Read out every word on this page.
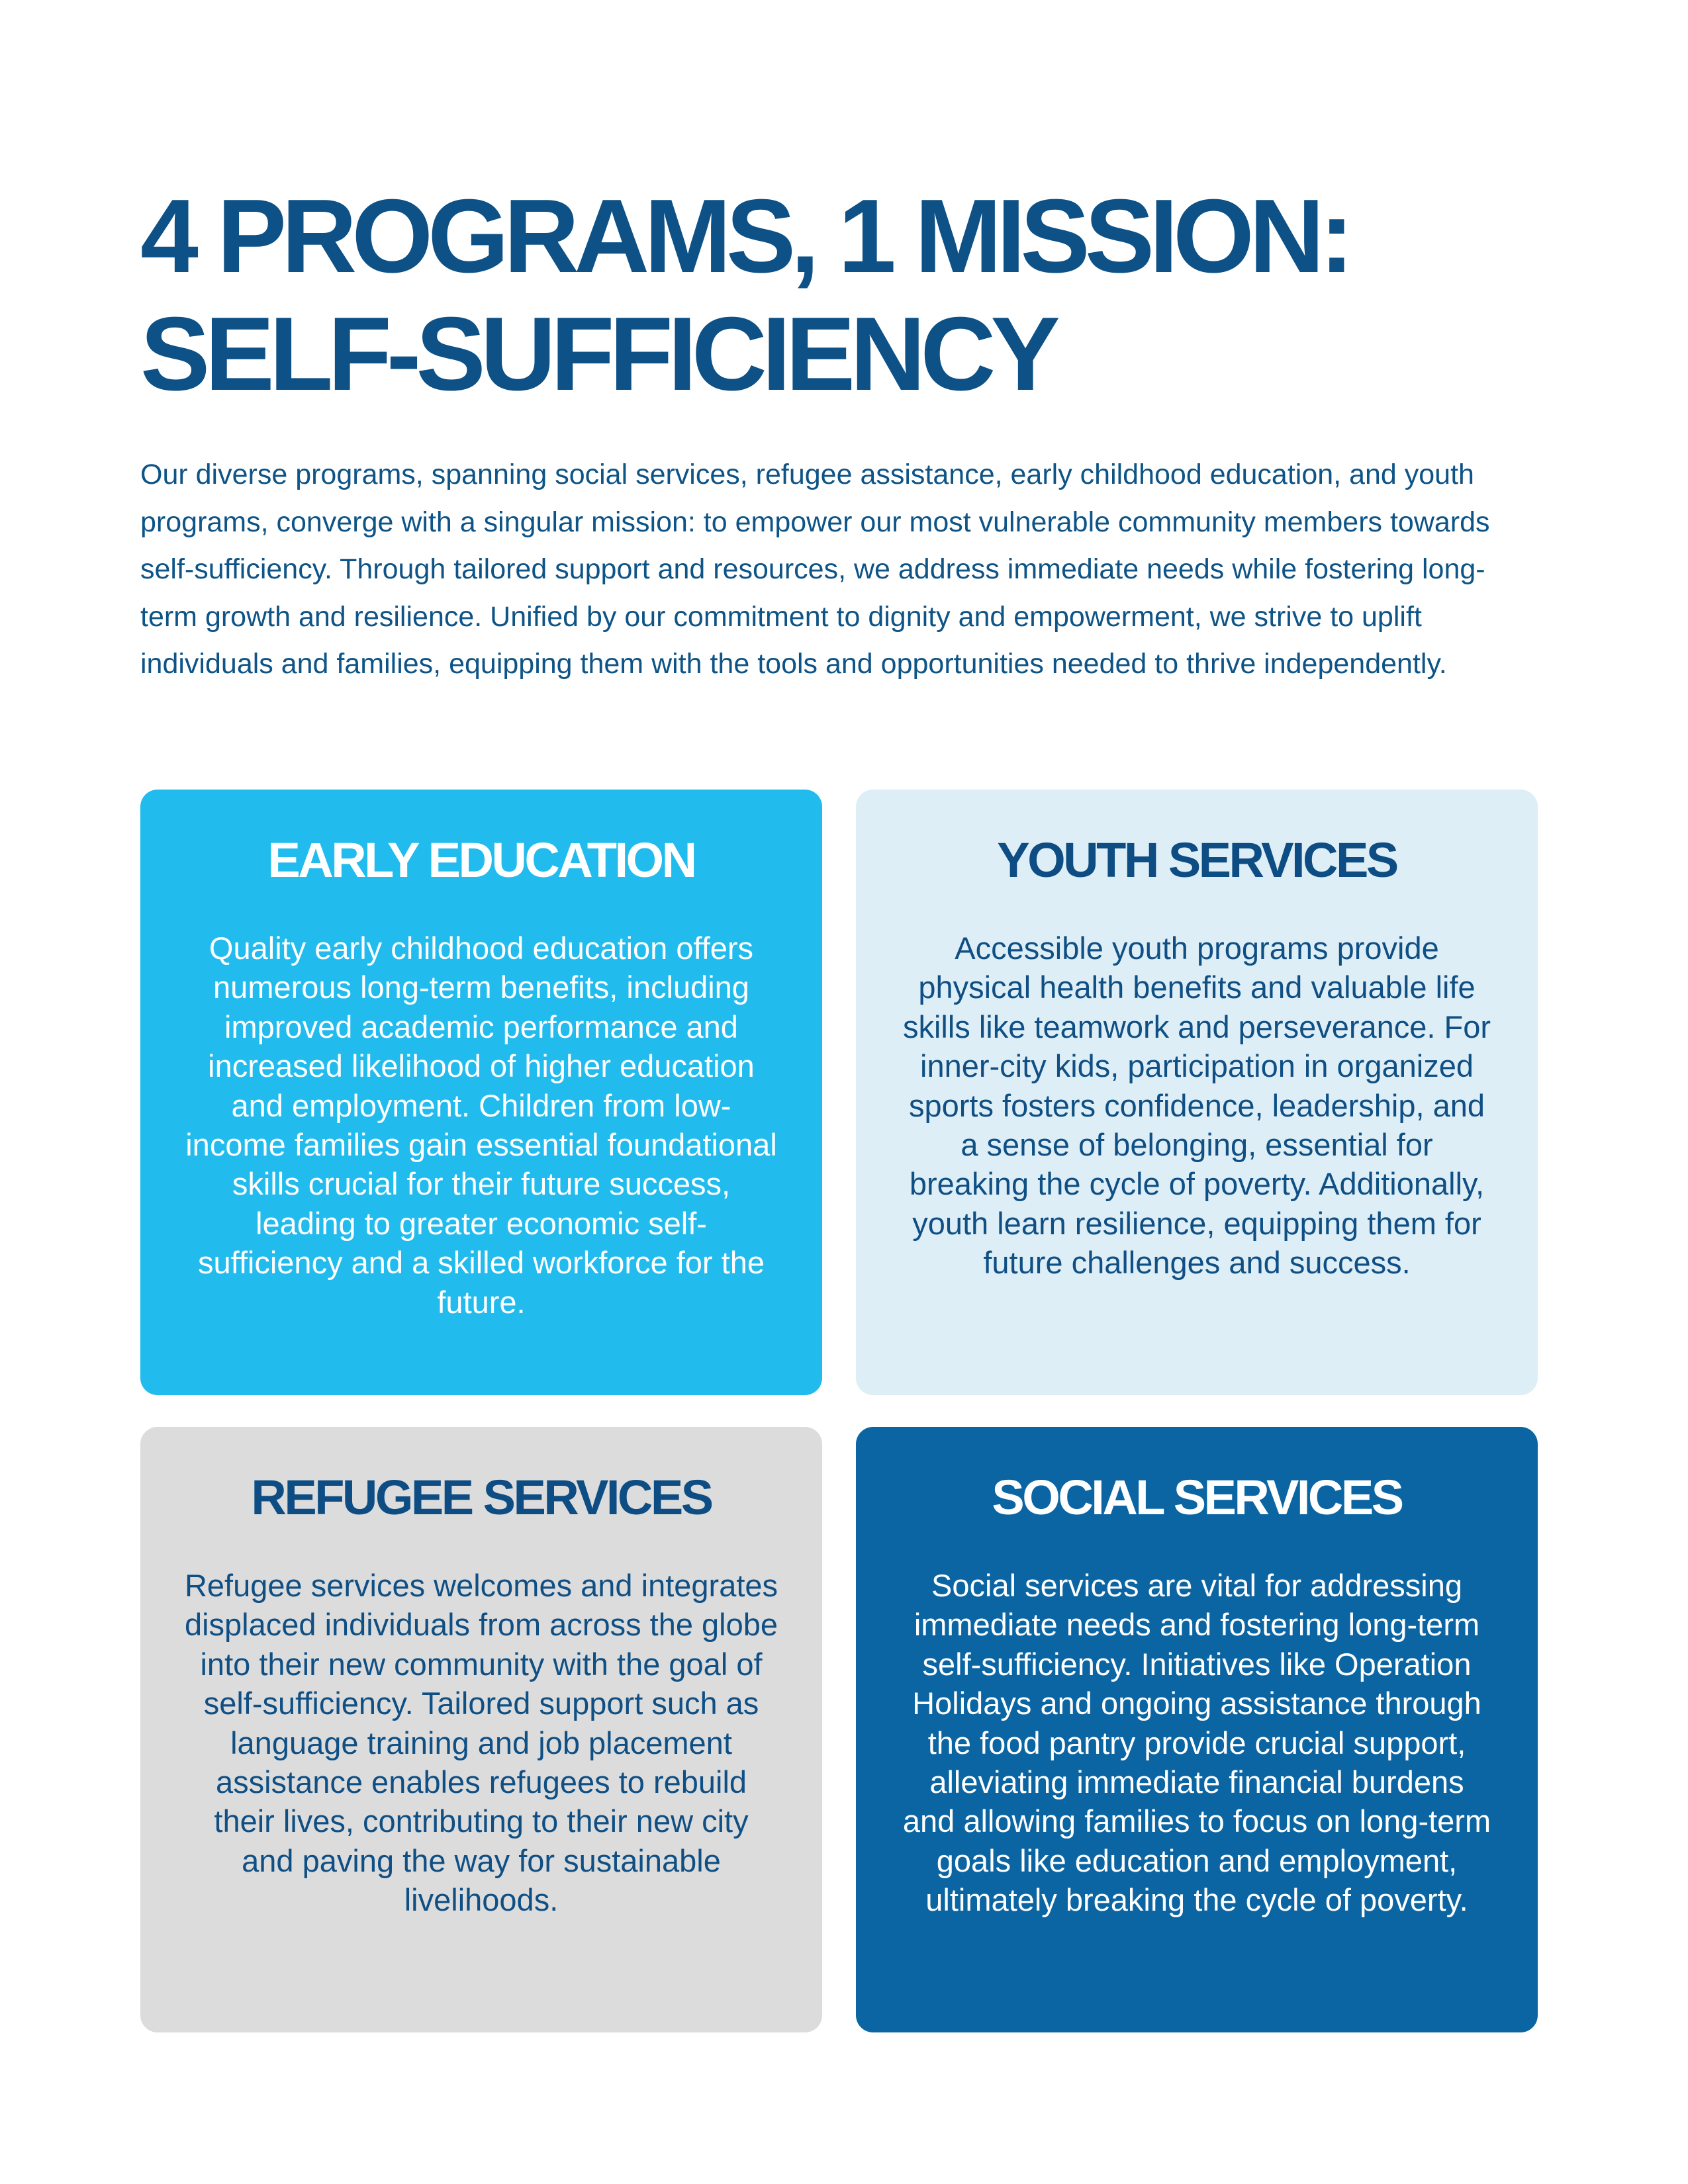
4 PROGRAMS, 1 MISSION:
SELF-SUFFICIENCY

Our diverse programs, spanning social services, refugee assistance, early childhood education, and youth programs, converge with a singular mission: to empower our most vulnerable community members towards self-sufficiency. Through tailored support and resources, we address immediate needs while fostering long-term growth and resilience. Unified by our commitment to dignity and empowerment, we strive to uplift individuals and families, equipping them with the tools and opportunities needed to thrive independently.

EARLY EDUCATION

Quality early childhood education offers numerous long-term benefits, including improved academic performance and increased likelihood of higher education and employment. Children from low-income families gain essential foundational skills crucial for their future success, leading to greater economic self-sufficiency and a skilled workforce for the future.

YOUTH SERVICES

Accessible youth programs provide physical health benefits and valuable life skills like teamwork and perseverance. For inner-city kids, participation in organized sports fosters confidence, leadership, and a sense of belonging, essential for breaking the cycle of poverty. Additionally, youth learn resilience, equipping them for future challenges and success.

REFUGEE SERVICES

Refugee services welcomes and integrates displaced individuals from across the globe into their new community with the goal of self-sufficiency. Tailored support such as language training and job placement assistance enables refugees to rebuild their lives, contributing to their new city and paving the way for sustainable livelihoods.

SOCIAL SERVICES

Social services are vital for addressing immediate needs and fostering long-term self-sufficiency. Initiatives like Operation Holidays and ongoing assistance through the food pantry provide crucial support, alleviating immediate financial burdens and allowing families to focus on long-term goals like education and employment, ultimately breaking the cycle of poverty.
